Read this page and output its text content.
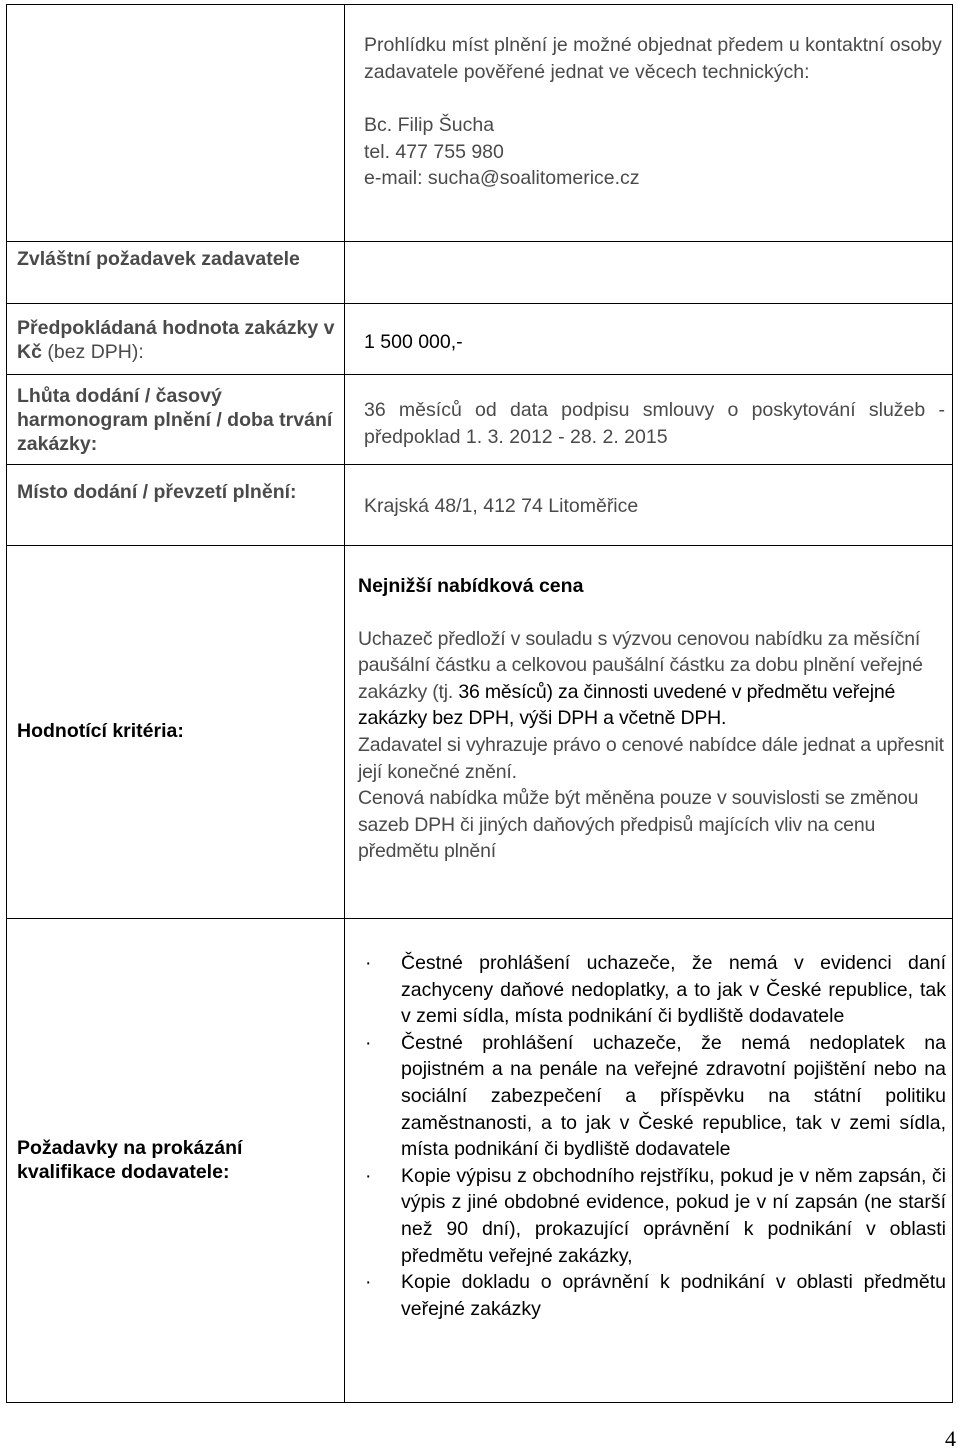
Prohlídku míst plnění je možné objednat předem u kontaktní osoby zadavatele pověřené jednat ve věcech technických:
Bc. Filip Šucha
tel. 477 755 980
e-mail: sucha@soalitomerice.cz
Zvláštní požadavek zadavatele
Předpokládaná hodnota zakázky v Kč (bez DPH):	1 500 000,-
Lhůta dodání / časový harmonogram plnění / doba trvání zakázky:
36 měsíců od data podpisu smlouvy o poskytování služeb - předpoklad 1. 3. 2012 - 28. 2. 2015
Místo dodání / převzetí plnění:
Krajská 48/1, 412 74 Litoměřice
Hodnotící kritéria:
Nejnižší nabídková cena
Uchazeč předloží v souladu s výzvou cenovou nabídku za měsíční paušální částku a celkovou paušální částku za dobu plnění veřejné zakázky (tj. 36 měsíců) za činnosti uvedené v předmětu veřejné zakázky bez DPH, výši DPH a včetně DPH.
Zadavatel si vyhrazuje právo o cenové nabídce dále jednat a upřesnit její konečné znění.
Cenová nabídka může být měněna pouze v souvislosti se změnou sazeb DPH či jiných daňových předpisů majících vliv na cenu předmětu plnění
Požadavky na prokázání kvalifikace dodavatele:
· Čestné prohlášení uchazeče, že nemá v evidenci daní zachyceny daňové nedoplatky, a to jak v České republice, tak v zemi sídla, místa podnikání či bydliště dodavatele
· Čestné prohlášení uchazeče, že nemá nedoplatek na pojistném a na penále na veřejné zdravotní pojištění nebo na sociální zabezpečení a příspěvku na státní politiku zaměstnanosti, a to jak v České republice, tak v zemi sídla, místa podnikání či bydliště dodavatele
· Kopie výpisu z obchodního rejstříku, pokud je v něm zapsán, či výpis z jiné obdobné evidence, pokud je v ní zapsán (ne starší než 90 dní), prokazující oprávnění k podnikání v oblasti předmětu veřejné zakázky,
· Kopie dokladu o oprávnění k podnikání v oblasti předmětu veřejné zakázky
4
